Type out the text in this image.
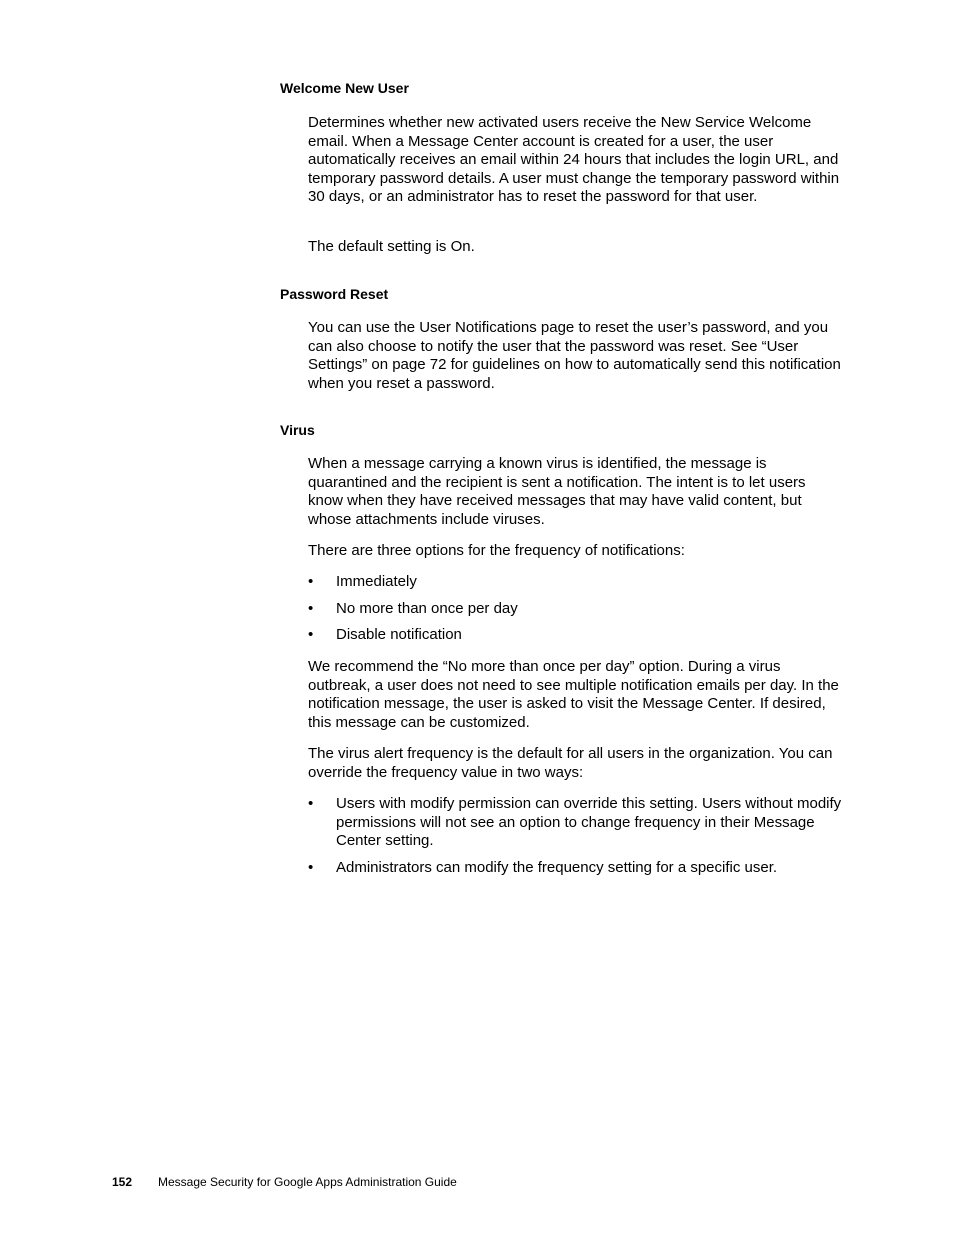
Welcome New User

Determines whether new activated users receive the New Service Welcome email. When a Message Center account is created for a user, the user automatically receives an email within 24 hours that includes the login URL, and temporary password details. A user must change the temporary password within 30 days, or an administrator has to reset the password for that user.

The default setting is On.

Password Reset

You can use the User Notifications page to reset the user’s password, and you can also choose to notify the user that the password was reset. See “User Settings” on page 72 for guidelines on how to automatically send this notification when you reset a password.

Virus

When a message carrying a known virus is identified, the message is quarantined and the recipient is sent a notification. The intent is to let users know when they have received messages that may have valid content, but whose attachments include viruses.

There are three options for the frequency of notifications:

• Immediately
• No more than once per day
• Disable notification

We recommend the “No more than once per day” option. During a virus outbreak, a user does not need to see multiple notification emails per day. In the notification message, the user is asked to visit the Message Center. If desired, this message can be customized.

The virus alert frequency is the default for all users in the organization. You can override the frequency value in two ways:

• Users with modify permission can override this setting. Users without modify permissions will not see an option to change frequency in their Message Center setting.
• Administrators can modify the frequency setting for a specific user.
152 Message Security for Google Apps Administration Guide
